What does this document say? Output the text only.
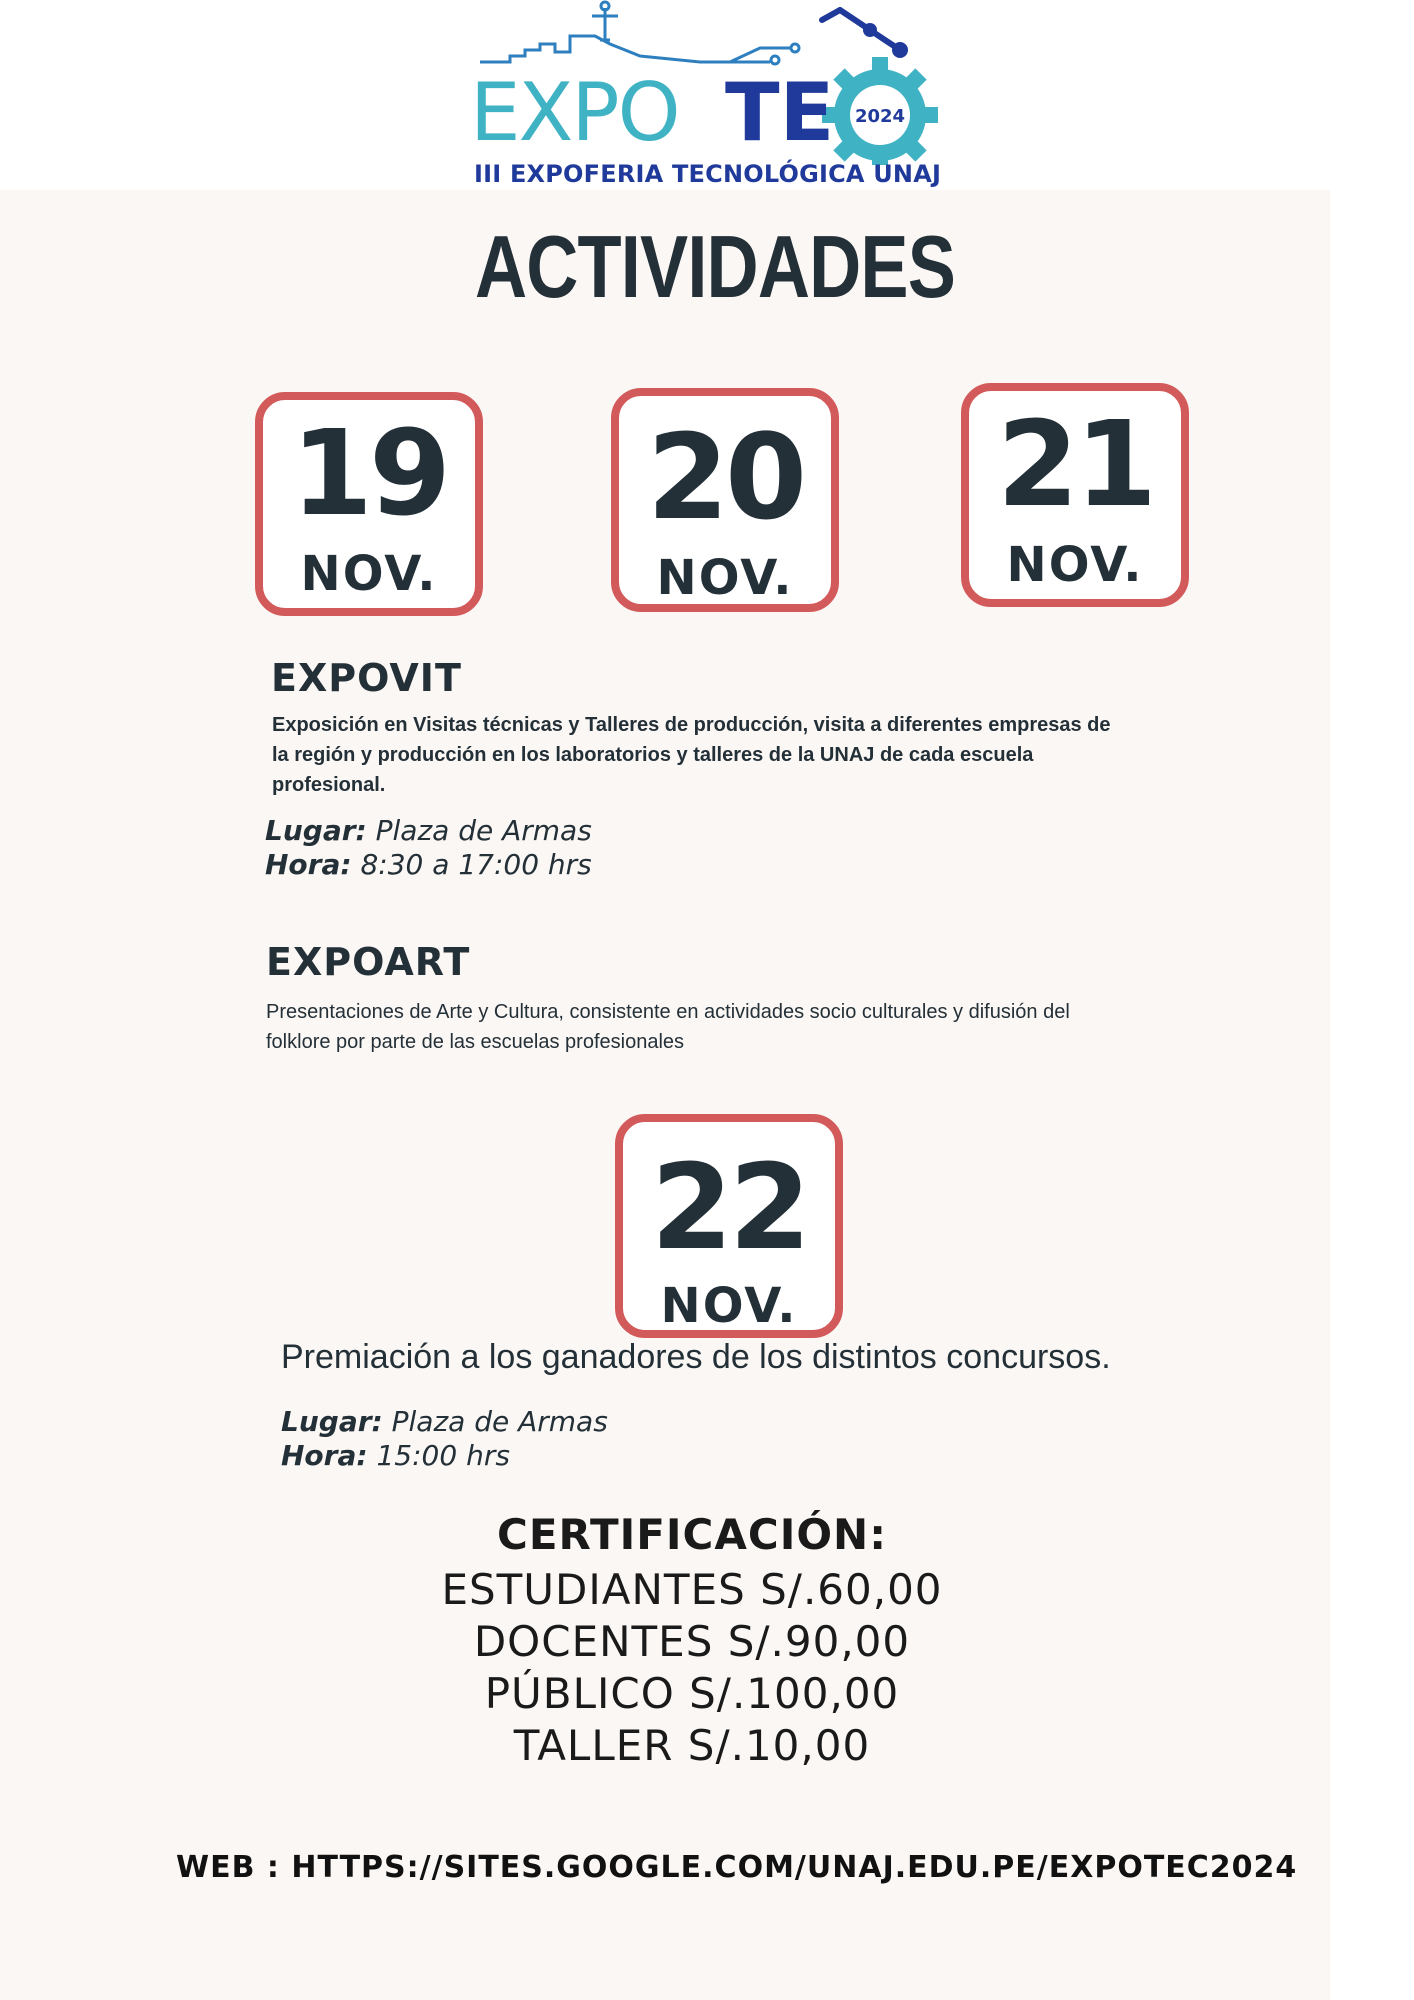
2024
EXPO TE
III EXPOFERIA TECNOLÓGICA UNAJ
ACTIVIDADES
19
NOV.
20
NOV.
21
NOV.
EXPOVIT
Exposición en Visitas técnicas y Talleres de producción, visita a diferentes empresas de
la región y producción en los laboratorios y talleres de la UNAJ de cada escuela
profesional.
Lugar: Plaza de Armas
Hora: 8:30 a 17:00 hrs
EXPOART
Presentaciones de Arte y Cultura, consistente en actividades socio culturales y difusión del
folklore por parte de las escuelas profesionales
22
NOV.
Premiación a los ganadores de los distintos concursos.
Lugar: Plaza de Armas
Hora: 15:00 hrs
CERTIFICACIÓN:
ESTUDIANTES S/.60,00
DOCENTES S/.90,00
PÚBLICO S/.100,00
TALLER S/.10,00
WEB : HTTPS://SITES.GOOGLE.COM/UNAJ.EDU.PE/EXPOTEC2024
